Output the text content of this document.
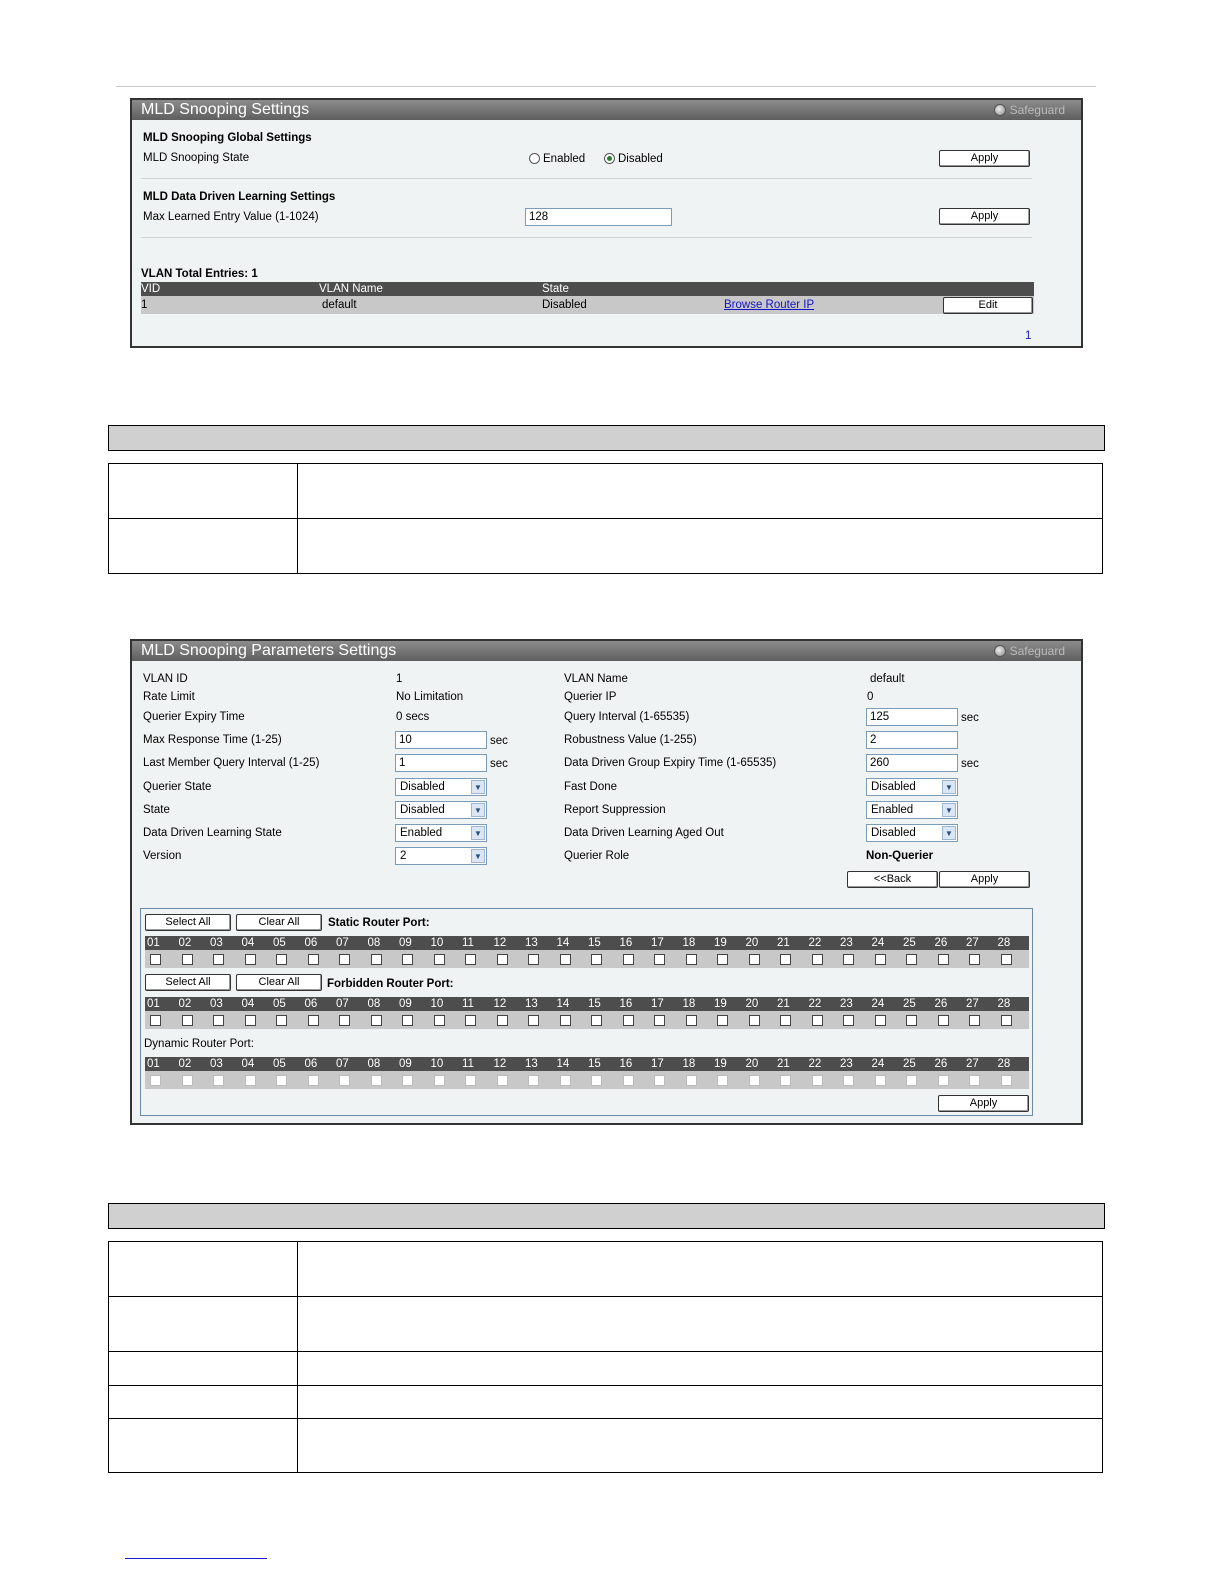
MLD Snooping Settings	Safeguard
MLD Snooping Global Settings
MLD Snooping State	Enabled	Disabled	Apply
MLD Data Driven Learning Settings
Max Learned Entry Value (1-1024)
128	Apply
VLAN Total Entries: 1
VID	VLAN Name	State
1	default	Disabled	Browse Router IP	Edit
1
MLD Snooping Parameters Settings	Safeguard
VLAN ID	1
Rate Limit	No Limitation
Querier Expiry Time	0 secs
Max Response Time (1-25)
10	sec
Last Member Query Interval (1-25)
1	sec
Querier State	Disabled	▼
State	Disabled	▼
Data Driven Learning State	Enabled	▼
Version	2	▼
VLAN Name	default
Querier IP	0
Query Interval (1-65535)
125	sec
Robustness Value (1-255)
2
Data Driven Group Expiry Time (1-65535)
260	sec
Fast Done	Disabled	▼
Report Suppression	Enabled	▼
Data Driven Learning Aged Out	Disabled	▼
Querier Role	Non-Querier
<<Back	Apply
Select All	Clear All	Static Router Port:
01 02 03 04 05 06 07 08 09 10 11 12 13 14 15 16 17 18 19 20 21 22 23 24 25 26 27 28
Select All	Clear All	Forbidden Router Port:
01 02 03 04 05 06 07 08 09 10 11 12 13 14 15 16 17 18 19 20 21 22 23 24 25 26 27 28
Dynamic Router Port:
01 02 03 04 05 06 07 08 09 10 11 12 13 14 15 16 17 18 19 20 21 22 23 24 25 26 27 28
Apply
